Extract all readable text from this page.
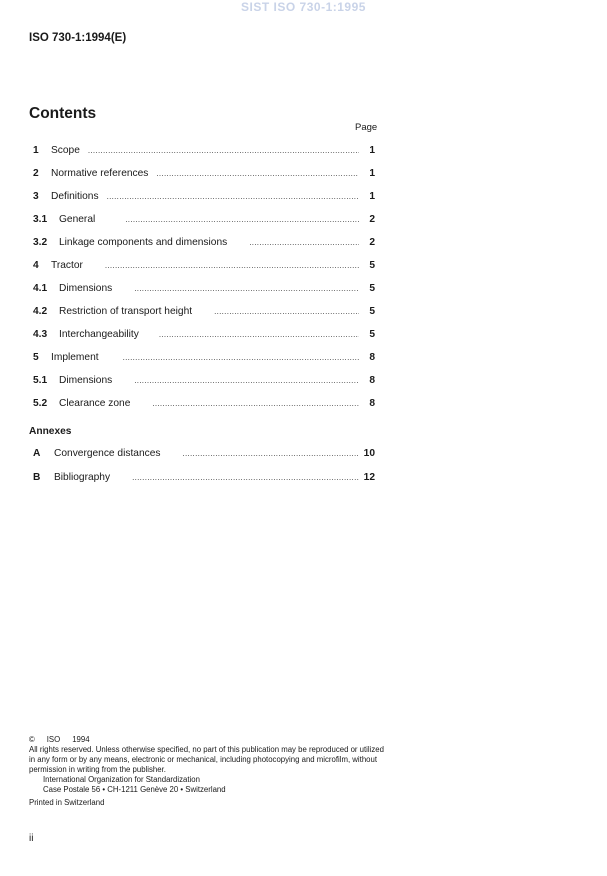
SIST ISO 730-1:1995
ISO 730-1:1994(E)
Contents
Page
1	Scope .....	1
2	Normative references .....	1
3	Definitions .....	1
3.1	General .....	2
3.2	Linkage components and dimensions .....	2
4	Tractor .....	5
4.1	Dimensions .....	5
4.2	Restriction of transport height .....	5
4.3	Interchangeability .....	5
5	Implement .....	8
5.1	Dimensions .....	8
5.2	Clearance zone .....	8
Annexes
A	Convergence distances .....	10
B	Bibliography .....	12

© ISO 1994

All rights reserved. Unless otherwise specified, no part of this publication may be reproduced or utilized in any form or by any means, electronic or mechanical, including photocopying and microfilm, without permission in writing from the publisher.

International Organization for Standardization

Case Postale 56 • CH-1211 Genève 20 • Switzerland

Printed in Switzerland

ii
